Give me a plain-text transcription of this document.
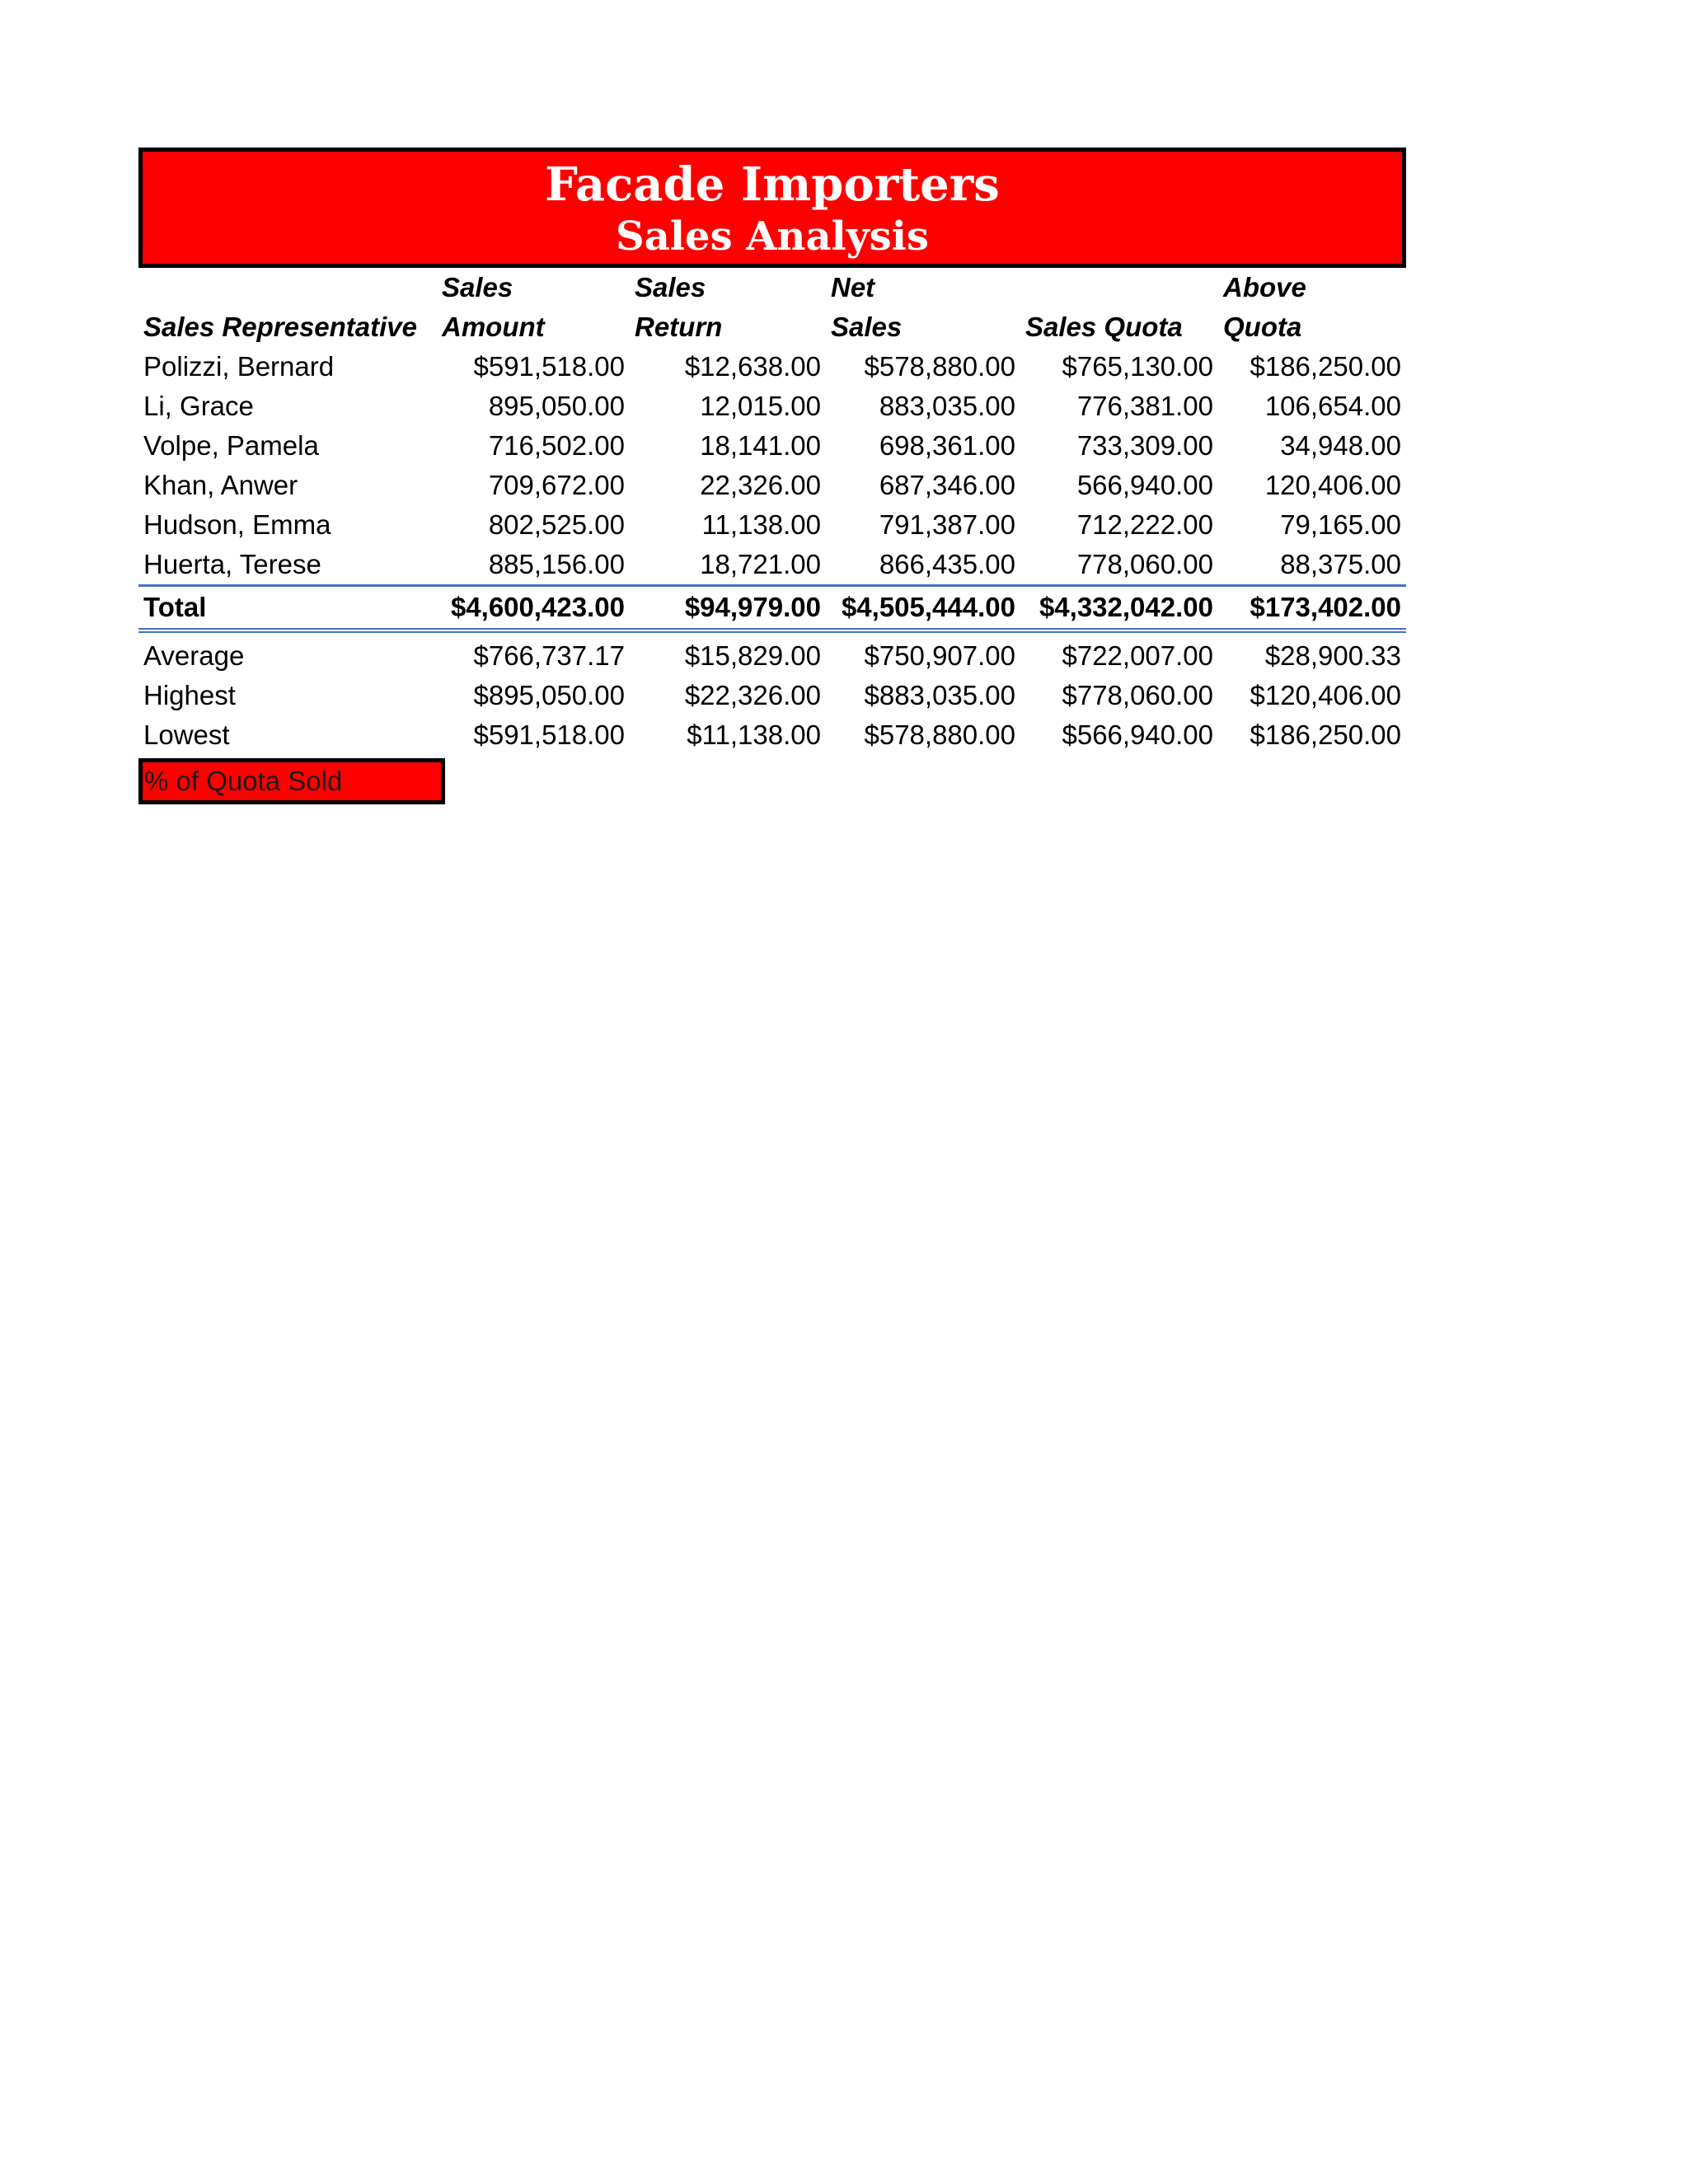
Facade Importers
Sales Analysis
	Sales	Sales	Net		Above
Sales Representative	Amount	Return	Sales	Sales Quota	Quota
Polizzi, Bernard	$591,518.00	$12,638.00	$578,880.00	$765,130.00	$186,250.00
Li, Grace	895,050.00	12,015.00	883,035.00	776,381.00	106,654.00
Volpe, Pamela	716,502.00	18,141.00	698,361.00	733,309.00	34,948.00
Khan, Anwer	709,672.00	22,326.00	687,346.00	566,940.00	120,406.00
Hudson, Emma	802,525.00	11,138.00	791,387.00	712,222.00	79,165.00
Huerta, Terese	885,156.00	18,721.00	866,435.00	778,060.00	88,375.00
Total	$4,600,423.00	$94,979.00	$4,505,444.00	$4,332,042.00	$173,402.00

Average	$766,737.17	$15,829.00	$750,907.00	$722,007.00	$28,900.33
Highest	$895,050.00	$22,326.00	$883,035.00	$778,060.00	$120,406.00
Lowest	$591,518.00	$11,138.00	$578,880.00	$566,940.00	$186,250.00
% of Quota Sold
